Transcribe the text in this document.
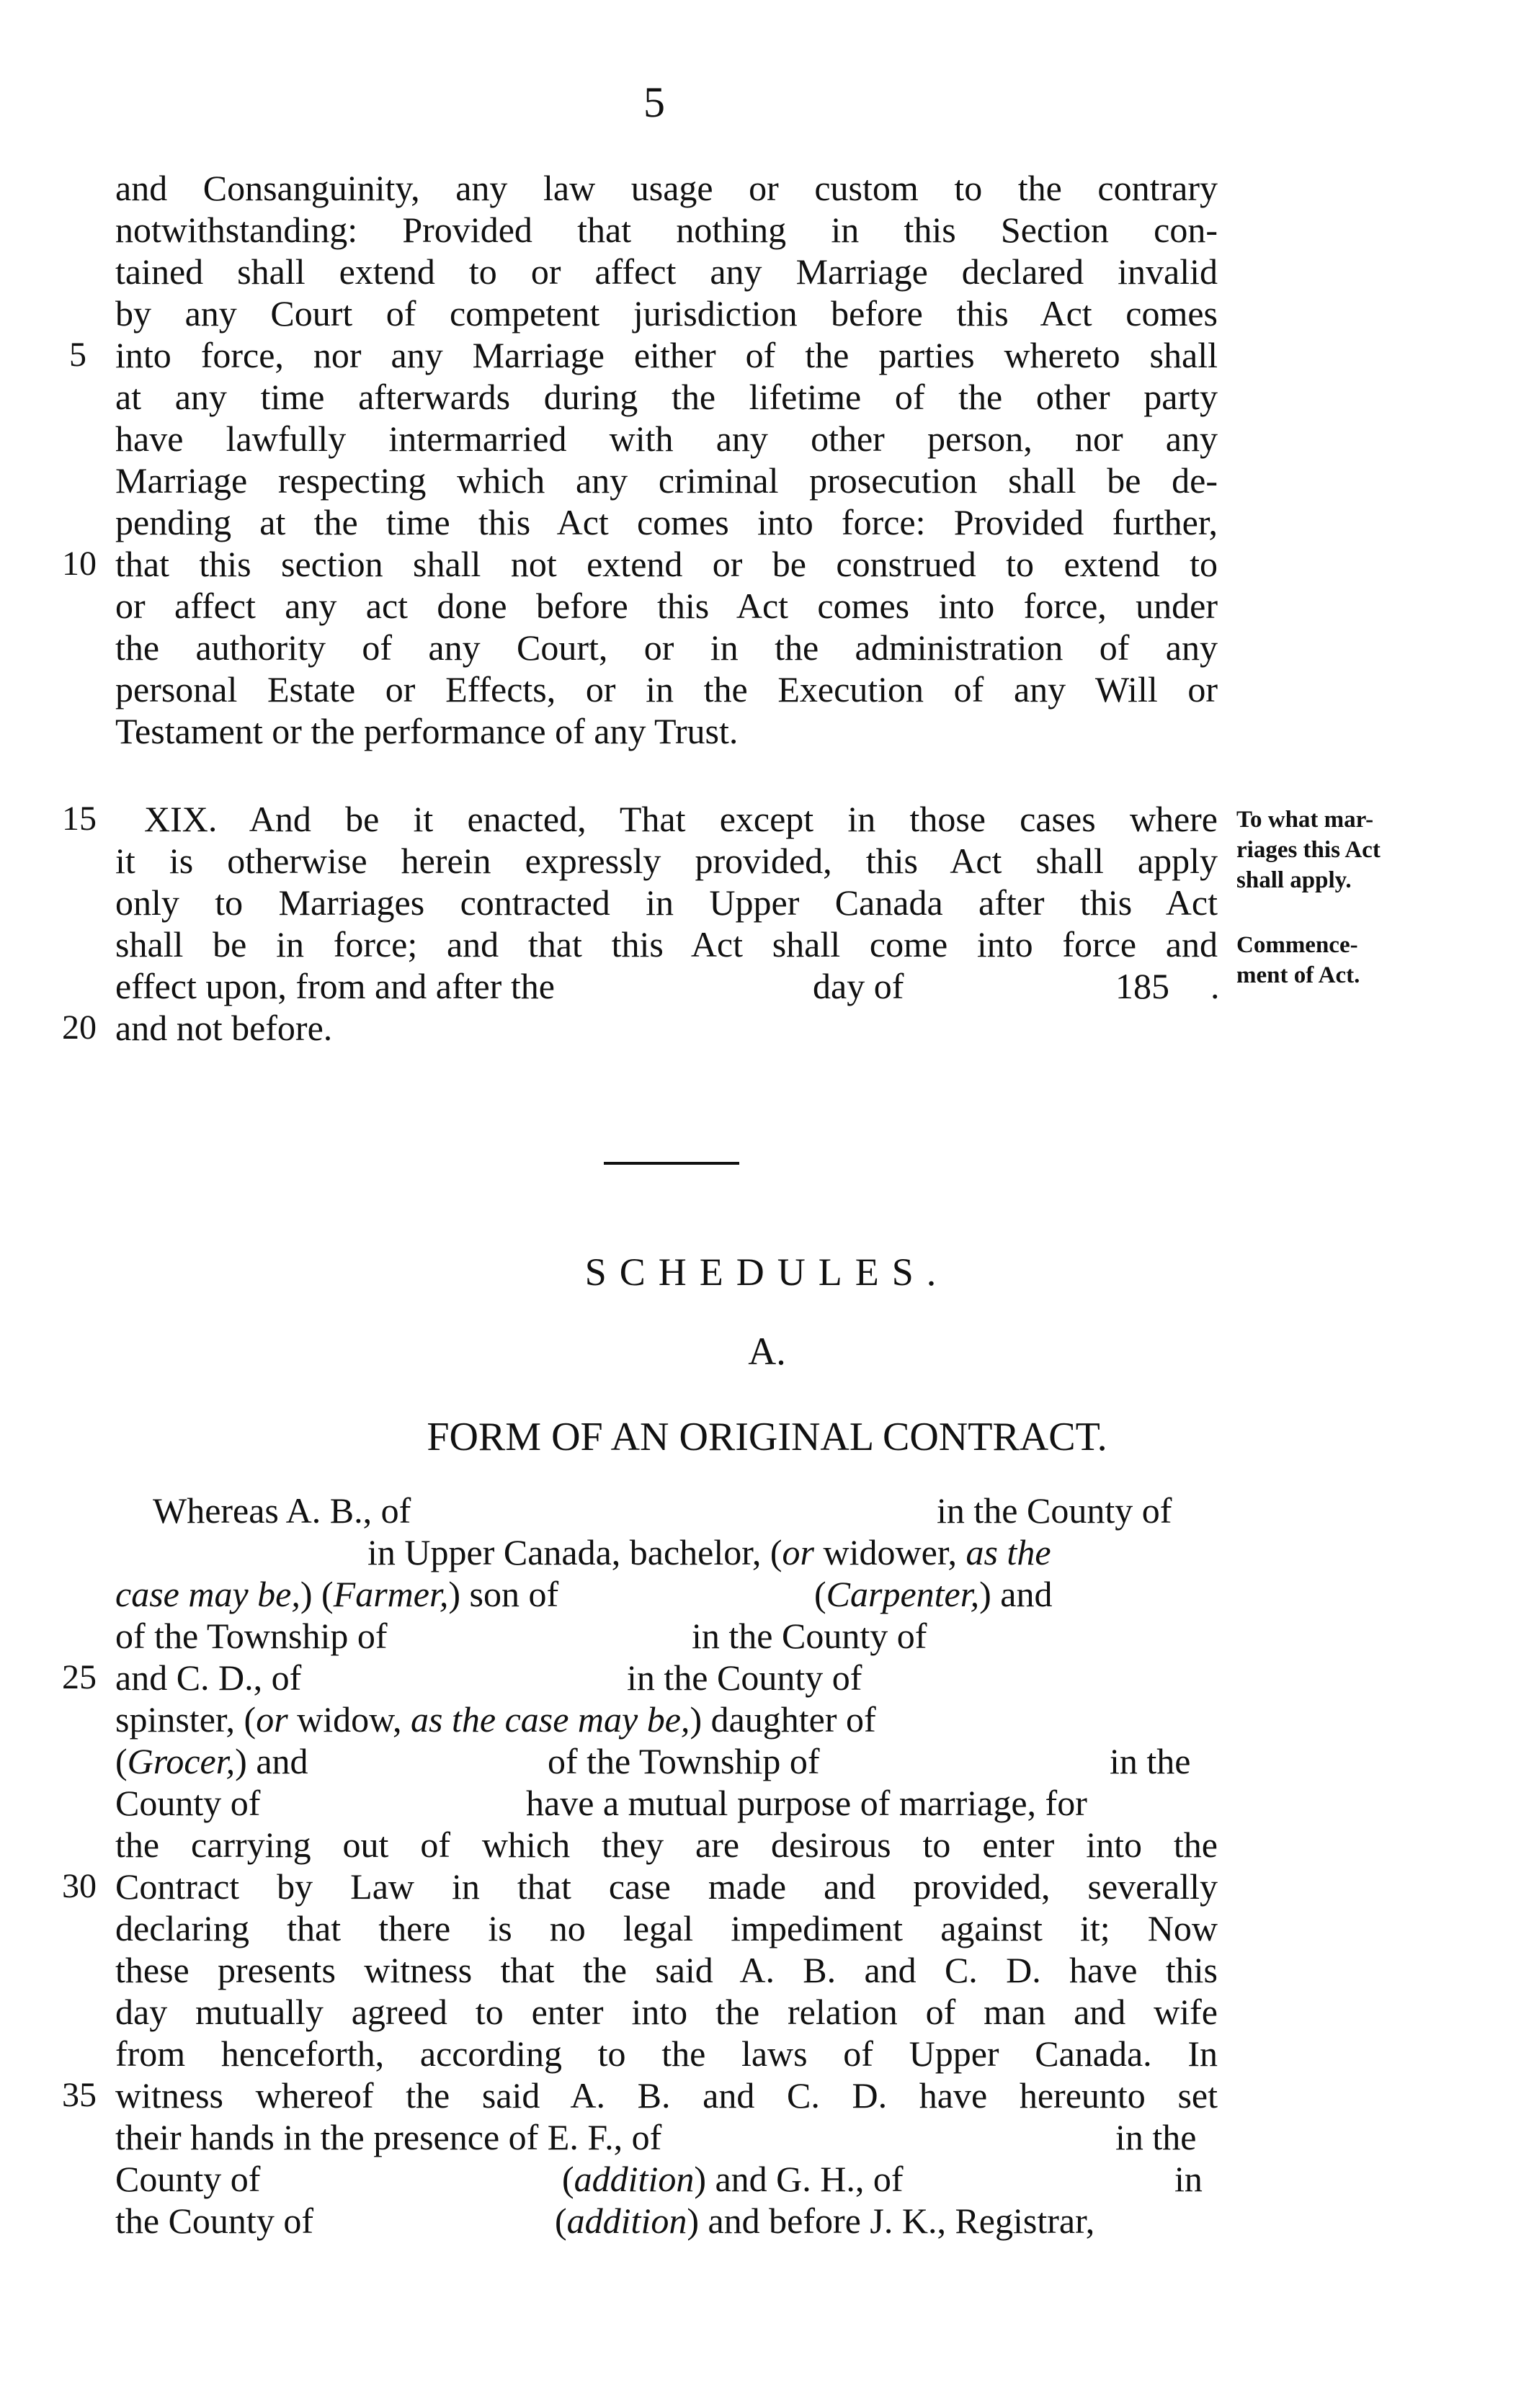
5
and Consanguinity, any law usage or custom to the contrary
notwithstanding: Provided that nothing in this Section con-
tained shall extend to or affect any Marriage declared invalid
by any Court of competent jurisdiction before this Act comes
into force, nor any Marriage either of the parties whereto shall
at any time afterwards during the lifetime of the other party
have lawfully intermarried with any other person, nor any
Marriage respecting which any criminal prosecution shall be de-
pending at the time this Act comes into force: Provided further,
that this section shall not extend or be construed to extend to
or affect any act done before this Act comes into force, under
the authority of any Court, or in the administration of any
personal Estate or Effects, or in the Execution of any Will or
Testament or the performance of any Trust.
5
10
15
20
25
30
35
XIX. And be it enacted, That except in those cases where
it is otherwise herein expressly provided, this Act shall apply
only to Marriages contracted in Upper Canada after this Act
shall be in force; and that this Act shall come into force and
effect upon, from and after the	day of	185 .
and not before.
To what mar-
riages this Act
shall apply.
Commence-
ment of Act.
SCHEDULES.
A.
FORM OF AN ORIGINAL CONTRACT.
Whereas A. B., of	in the County of
in Upper Canada, bachelor, (or widower, as the
case may be,) (Farmer,) son of	(Carpenter,) and
of the Township of	in the County of
and C. D., of	in the County of
spinster, (or widow, as the case may be,) daughter of
(Grocer,) and	of the Township of	in the
County of	have a mutual purpose of marriage, for
the carrying out of which they are desirous to enter into the
Contract by Law in that case made and provided, severally
declaring that there is no legal impediment against it; Now
these presents witness that the said A. B. and C. D. have this
day mutually agreed to enter into the relation of man and wife
from henceforth, according to the laws of Upper Canada. In
witness whereof the said A. B. and C. D. have hereunto set
their hands in the presence of E. F., of	in the
County of	(addition) and G. H., of	in
the County of	(addition) and before J. K., Registrar,
